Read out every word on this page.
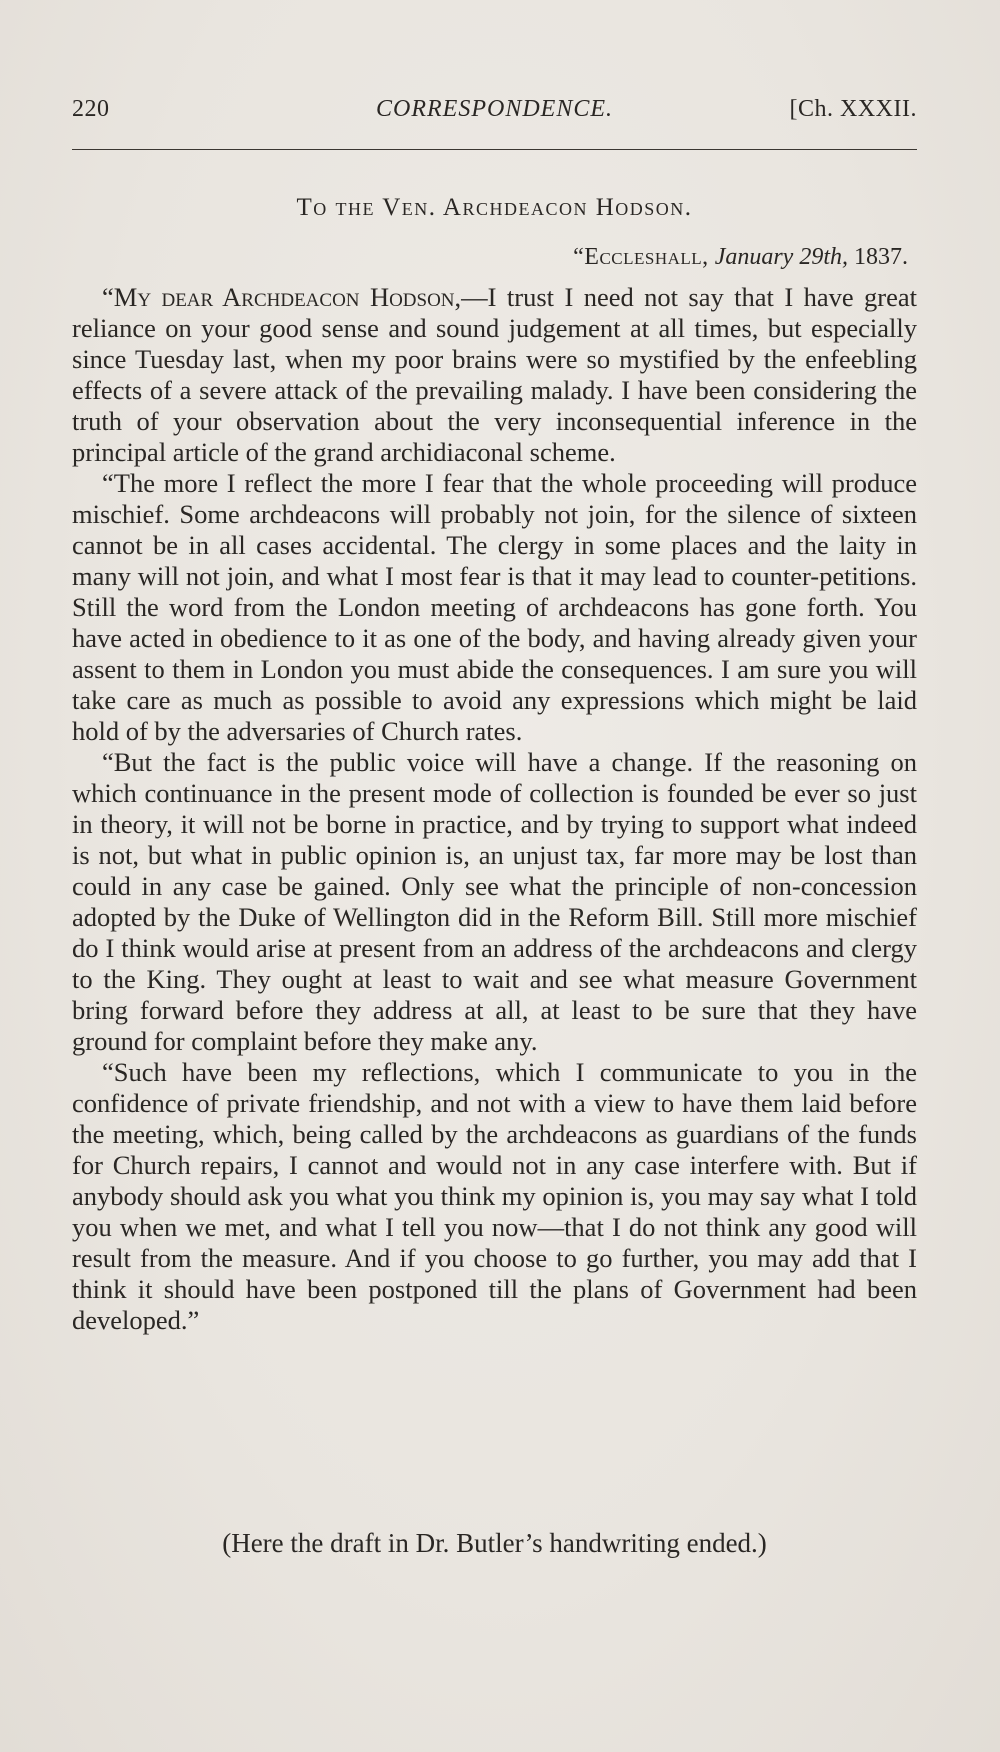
220	CORRESPONDENCE.	[Ch. XXXII.
To the Ven. Archdeacon Hodson.
“Eccleshall, January 29th, 1837.

“My dear Archdeacon Hodson,—I trust I need not say that I have great reliance on your good sense and sound judgement at all times, but especially since Tuesday last, when my poor brains were so mystified by the enfeebling effects of a severe attack of the prevailing malady. I have been considering the truth of your observation about the very inconsequential inference in the principal article of the grand archidiaconal scheme.

“The more I reflect the more I fear that the whole proceeding will produce mischief. Some archdeacons will probably not join, for the silence of sixteen cannot be in all cases accidental. The clergy in some places and the laity in many will not join, and what I most fear is that it may lead to counter-petitions. Still the word from the London meeting of archdeacons has gone forth. You have acted in obedience to it as one of the body, and having already given your assent to them in London you must abide the consequences. I am sure you will take care as much as possible to avoid any expressions which might be laid hold of by the adversaries of Church rates.

“But the fact is the public voice will have a change. If the reasoning on which continuance in the present mode of collection is founded be ever so just in theory, it will not be borne in practice, and by trying to support what indeed is not, but what in public opinion is, an unjust tax, far more may be lost than could in any case be gained. Only see what the principle of non-concession adopted by the Duke of Wellington did in the Reform Bill. Still more mischief do I think would arise at present from an address of the archdeacons and clergy to the King. They ought at least to wait and see what measure Government bring forward before they address at all, at least to be sure that they have ground for complaint before they make any.

“Such have been my reflections, which I communicate to you in the confidence of private friendship, and not with a view to have them laid before the meeting, which, being called by the archdeacons as guardians of the funds for Church repairs, I cannot and would not in any case interfere with. But if anybody should ask you what you think my opinion is, you may say what I told you when we met, and what I tell you now—that I do not think any good will result from the measure. And if you choose to go further, you may add that I think it should have been postponed till the plans of Government had been developed.”

(Here the draft in Dr. Butler’s handwriting ended.)
